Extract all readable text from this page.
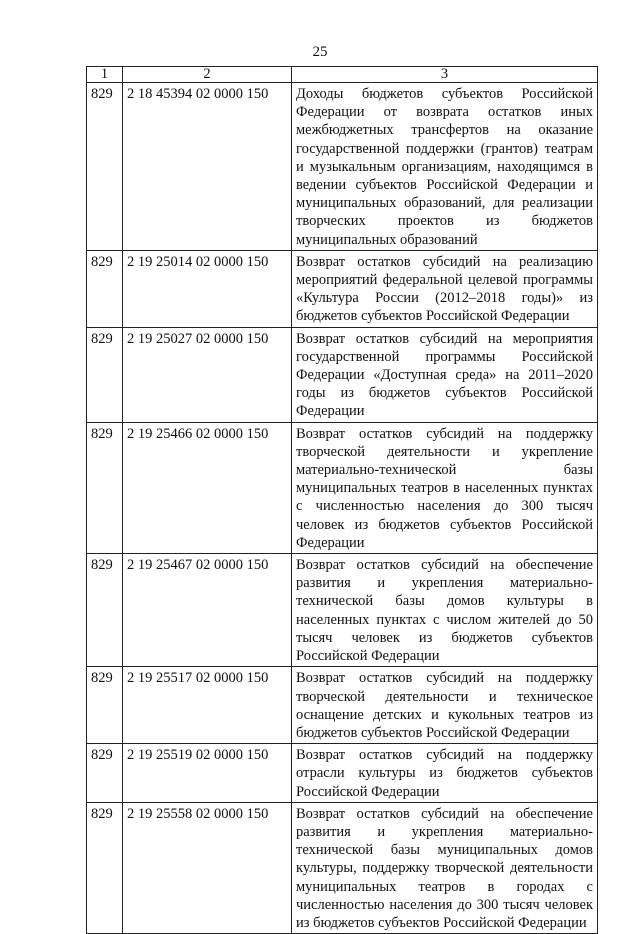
25
1	2	3
829	2 18 45394 02 0000 150	Доходы бюджетов субъектов Российской Федерации от возврата остатков иных межбюджетных трансфертов на оказание государственной поддержки (грантов) театрам и музыкальным организациям, находящимся в ведении субъектов Российской Федерации и муниципальных образований, для реализации творческих проектов из бюджетов муниципальных образований
829	2 19 25014 02 0000 150	Возврат остатков субсидий на реализацию мероприятий федеральной целевой программы «Культура России (2012–2018 годы)» из бюджетов субъектов Российской Федерации
829	2 19 25027 02 0000 150	Возврат остатков субсидий на мероприятия государственной программы Российской Федерации «Доступная среда» на 2011–2020 годы из бюджетов субъектов Российской Федерации
829	2 19 25466 02 0000 150	Возврат остатков субсидий на поддержку творческой деятельности и укрепление материально-технической базы муниципальных театров в населенных пунктах с численностью населения до 300 тысяч человек из бюджетов субъектов Российской Федерации
829	2 19 25467 02 0000 150	Возврат остатков субсидий на обеспечение развития и укрепления материально-технической базы домов культуры в населенных пунктах с числом жителей до 50 тысяч человек из бюджетов субъектов Российской Федерации
829	2 19 25517 02 0000 150	Возврат остатков субсидий на поддержку творческой деятельности и техническое оснащение детских и кукольных театров из бюджетов субъектов Российской Федерации
829	2 19 25519 02 0000 150	Возврат остатков субсидий на поддержку отрасли культуры из бюджетов субъектов Российской Федерации
829	2 19 25558 02 0000 150	Возврат остатков субсидий на обеспечение развития и укрепления материально-технической базы муниципальных домов культуры, поддержку творческой деятельности муниципальных театров в городах с численностью населения до 300 тысяч человек из бюджетов субъектов Российской Федерации
